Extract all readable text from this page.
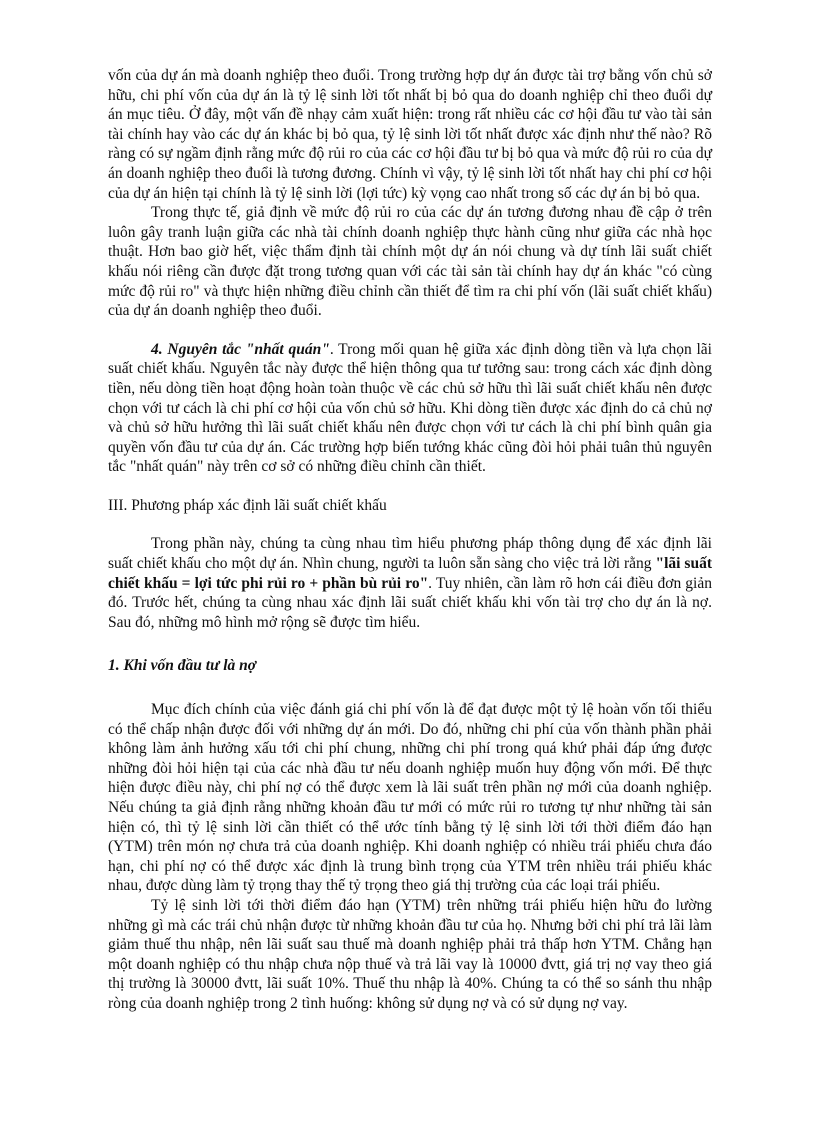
vốn của dự án mà doanh nghiệp theo đuổi. Trong trường hợp dự án được tài trợ bằng vốn chủ sở hữu, chi phí vốn của dự án là tỷ lệ sinh lời tốt nhất bị bỏ qua do doanh nghiệp chỉ theo đuổi dự án mục tiêu. Ở đây, một vấn đề nhạy cảm xuất hiện: trong rất nhiều các cơ hội đầu tư vào tài sản tài chính hay vào các dự án khác bị bỏ qua, tỷ lệ sinh lời tốt nhất được xác định như thế nào? Rõ ràng có sự ngầm định rằng mức độ rủi ro của các cơ hội đầu tư bị bỏ qua và mức độ rủi ro của dự án doanh nghiệp theo đuổi là tương đương. Chính vì vậy, tỷ lệ sinh lời tốt nhất hay chi phí cơ hội của dự án hiện tại chính là tỷ lệ sinh lời (lợi tức) kỳ vọng cao nhất trong số các dự án bị bỏ qua.

Trong thực tế, giả định về mức độ rủi ro của các dự án tương đương nhau đề cập ở trên luôn gây tranh luận giữa các nhà tài chính doanh nghiệp thực hành cũng như giữa các nhà học thuật. Hơn bao giờ hết, việc thẩm định tài chính một dự án nói chung và dự tính lãi suất chiết khấu nói riêng cần được đặt trong tương quan với các tài sản tài chính hay dự án khác "có cùng mức độ rủi ro" và thực hiện những điều chỉnh cần thiết để tìm ra chi phí vốn (lãi suất chiết khấu) của dự án doanh nghiệp theo đuổi.

4. Nguyên tắc "nhất quán". Trong mối quan hệ giữa xác định dòng tiền và lựa chọn lãi suất chiết khấu. Nguyên tắc này được thể hiện thông qua tư tưởng sau: trong cách xác định dòng tiền, nếu dòng tiền hoạt động hoàn toàn thuộc về các chủ sở hữu thì lãi suất chiết khấu nên được chọn với tư cách là chi phí cơ hội của vốn chủ sở hữu. Khi dòng tiền được xác định do cả chủ nợ và chủ sở hữu hưởng thì lãi suất chiết khấu nên được chọn với tư cách là chi phí bình quân gia quyền vốn đầu tư của dự án. Các trường hợp biến tướng khác cũng đòi hỏi phải tuân thủ nguyên tắc "nhất quán" này trên cơ sở có những điều chỉnh cần thiết.

III. Phương pháp xác định lãi suất chiết khấu

Trong phần này, chúng ta cùng nhau tìm hiểu phương pháp thông dụng để xác định lãi suất chiết khấu cho một dự án. Nhìn chung, người ta luôn sẵn sàng cho việc trả lời rằng "lãi suất chiết khấu = lợi tức phi rủi ro + phần bù rủi ro". Tuy nhiên, cần làm rõ hơn cái điều đơn giản đó. Trước hết, chúng ta cùng nhau xác định lãi suất chiết khấu khi vốn tài trợ cho dự án là nợ. Sau đó, những mô hình mở rộng sẽ được tìm hiểu.

1. Khi vốn đầu tư là nợ

Mục đích chính của việc đánh giá chi phí vốn là để đạt được một tỷ lệ hoàn vốn tối thiểu có thể chấp nhận được đối với những dự án mới. Do đó, những chi phí của vốn thành phần phải không làm ảnh hưởng xấu tới chi phí chung, những chi phí trong quá khứ phải đáp ứng được những đòi hỏi hiện tại của các nhà đầu tư nếu doanh nghiệp muốn huy động vốn mới. Để thực hiện được điều này, chi phí nợ có thể được xem là lãi suất trên phần nợ mới của doanh nghiệp. Nếu chúng ta giả định rằng những khoản đầu tư mới có mức rủi ro tương tự như những tài sản hiện có, thì tỷ lệ sinh lời cần thiết có thể ước tính bằng tỷ lệ sinh lời tới thời điểm đáo hạn (YTM) trên món nợ chưa trả của doanh nghiệp. Khi doanh nghiệp có nhiều trái phiếu chưa đáo hạn, chi phí nợ có thể được xác định là trung bình trọng của YTM trên nhiều trái phiếu khác nhau, được dùng làm tỷ trọng thay thế tỷ trọng theo giá thị trường của các loại trái phiếu.

Tỷ lệ sinh lời tới thời điểm đáo hạn (YTM) trên những trái phiếu hiện hữu đo lường những gì mà các trái chủ nhận được từ những khoản đầu tư của họ. Nhưng bởi chi phí trả lãi làm giảm thuế thu nhập, nên lãi suất sau thuế mà doanh nghiệp phải trả thấp hơn YTM. Chẳng hạn một doanh nghiệp có thu nhập chưa nộp thuế và trả lãi vay là 10000 đvtt, giá trị nợ vay theo giá thị trường là 30000 đvtt, lãi suất 10%. Thuế thu nhập là 40%. Chúng ta có thể so sánh thu nhập ròng của doanh nghiệp trong 2 tình huống: không sử dụng nợ và có sử dụng nợ vay.
